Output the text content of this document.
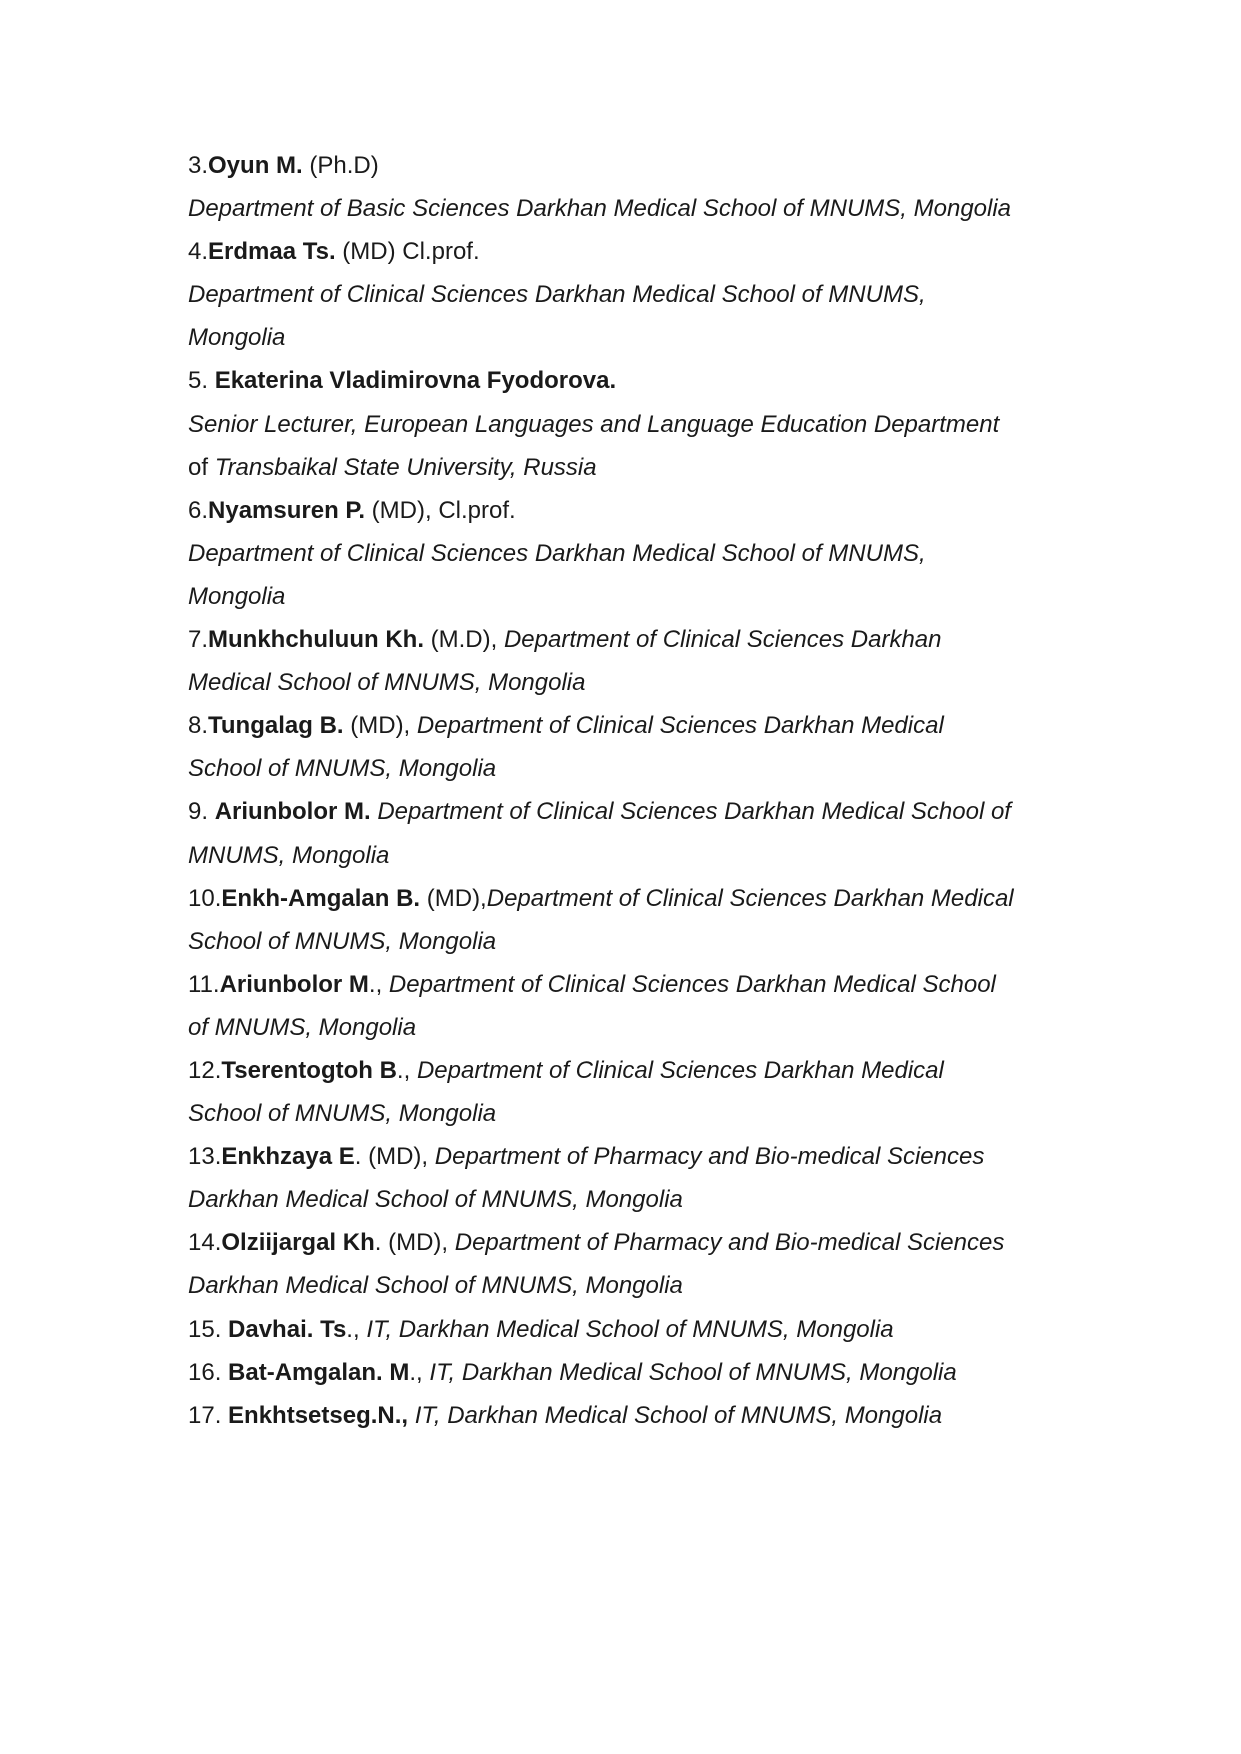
3.Oyun M. (Ph.D)
Department of Basic Sciences Darkhan Medical School of MNUMS, Mongolia
4.Erdmaa Ts. (MD) Cl.prof.
Department of Clinical Sciences Darkhan Medical School of MNUMS,
Mongolia
5. Ekaterina Vladimirovna Fyodorova.
Senior Lecturer, European Languages and Language Education Department
of Transbaikal State University, Russia
6.Nyamsuren P. (MD), Cl.prof.
Department of Clinical Sciences Darkhan Medical School of MNUMS,
Mongolia
7.Munkhchuluun Kh. (M.D), Department of Clinical Sciences Darkhan
Medical School of MNUMS, Mongolia
8.Tungalag B. (MD), Department of Clinical Sciences Darkhan Medical
School of MNUMS, Mongolia
9. Ariunbolor M. Department of Clinical Sciences Darkhan Medical School of
MNUMS, Mongolia
10.Enkh-Amgalan B. (MD),Department of Clinical Sciences Darkhan Medical
School of MNUMS, Mongolia
11.Ariunbolor M., Department of Clinical Sciences Darkhan Medical School
of MNUMS, Mongolia
12.Tserentogtoh B., Department of Clinical Sciences Darkhan Medical
School of MNUMS, Mongolia
13.Enkhzaya E. (MD), Department of Pharmacy and Bio-medical Sciences
Darkhan Medical School of MNUMS, Mongolia
14.Olziijargal Kh. (MD), Department of Pharmacy and Bio-medical Sciences
Darkhan Medical School of MNUMS, Mongolia
15. Davhai. Ts., IT, Darkhan Medical School of MNUMS, Mongolia
16. Bat-Amgalan. M., IT, Darkhan Medical School of MNUMS, Mongolia
17. Enkhtsetseg.N., IT, Darkhan Medical School of MNUMS, Mongolia
